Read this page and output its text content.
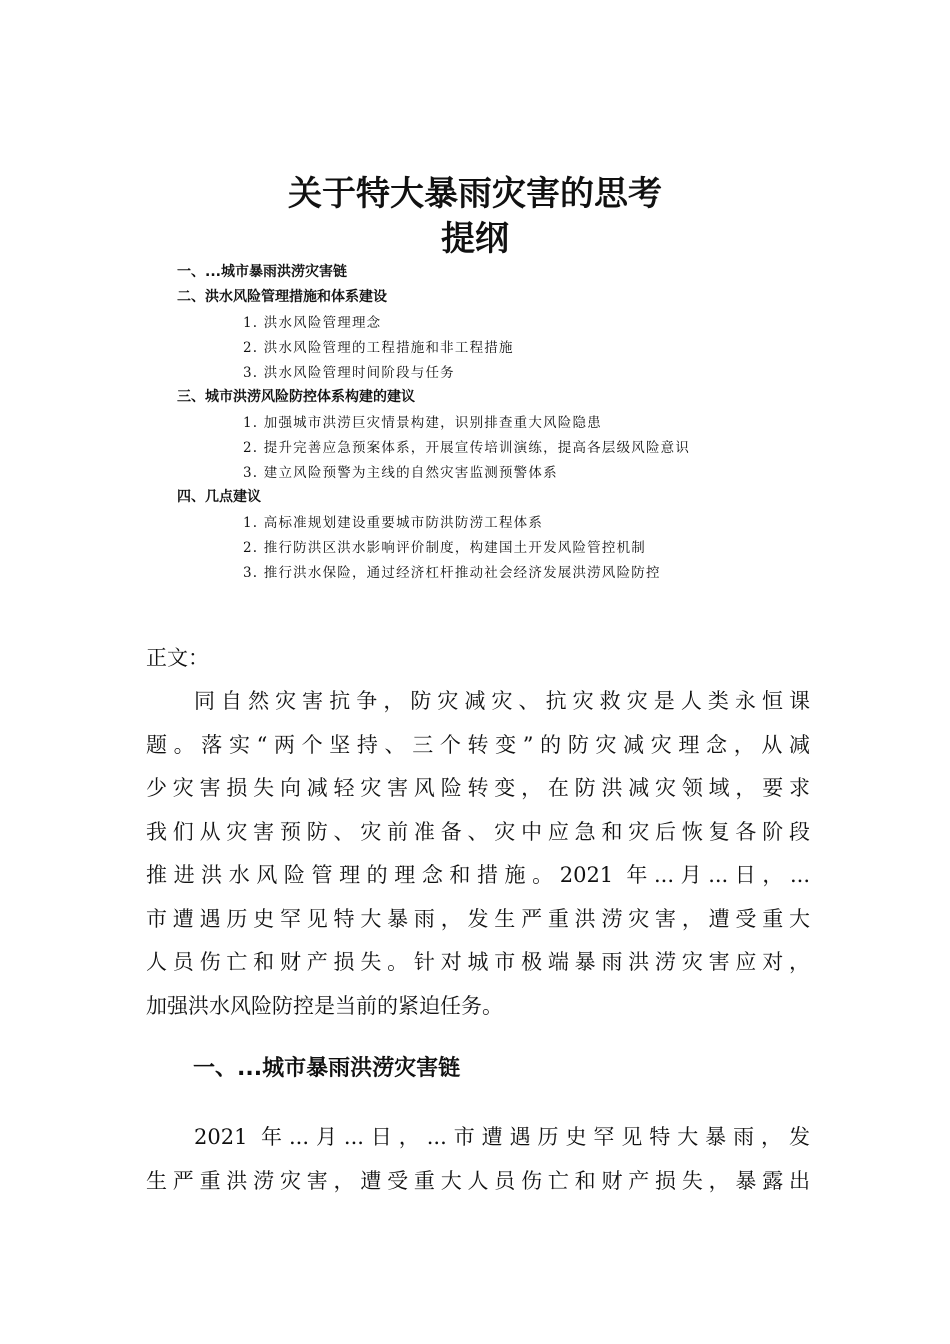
关于特大暴雨灾害的思考
提纲
一、...城市暴雨洪涝灾害链
二、洪水风险管理措施和体系建设
1. 洪水风险管理理念
2. 洪水风险管理的工程措施和非工程措施
3. 洪水风险管理时间阶段与任务
三、城市洪涝风险防控体系构建的建议
1. 加强城市洪涝巨灾情景构建，识别排查重大风险隐患
2. 提升完善应急预案体系，开展宣传培训演练，提高各层级风险意识
3. 建立风险预警为主线的自然灾害监测预警体系
四、几点建议
1. 高标准规划建设重要城市防洪防涝工程体系
2. 推行防洪区洪水影响评价制度，构建国土开发风险管控机制
3. 推行洪水保险，通过经济杠杆推动社会经济发展洪涝风险防控
正文：
同自然灾害抗争，防灾减灾、抗灾救灾是人类永恒课
题。落实“两个坚持、三个转变”的防灾减灾理念，从减
少灾害损失向减轻灾害风险转变，在防洪减灾领域，要求
我们从灾害预防、灾前准备、灾中应急和灾后恢复各阶段
推进洪水风险管理的理念和措施。2021 年...月...日，...
市遭遇历史罕见特大暴雨，发生严重洪涝灾害，遭受重大
人员伤亡和财产损失。针对城市极端暴雨洪涝灾害应对，
加强洪水风险防控是当前的紧迫任务。
一、...城市暴雨洪涝灾害链
2021 年...月...日，...市遭遇历史罕见特大暴雨，发
生严重洪涝灾害，遭受重大人员伤亡和财产损失，暴露出
